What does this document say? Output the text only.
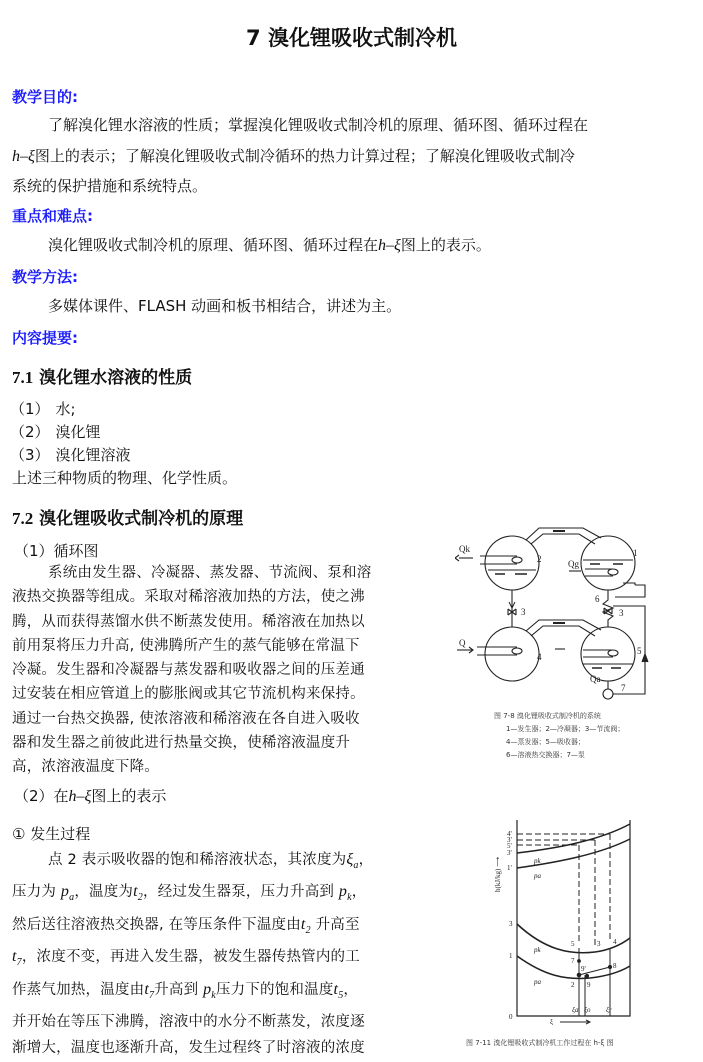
7 溴化锂吸收式制冷机
教学目的:
了解溴化锂水溶液的性质；掌握溴化锂吸收式制冷机的原理、循环图、循环过程在
h–ξ图上的表示；了解溴化锂吸收式制冷循环的热力计算过程；了解溴化锂吸收式制冷
系统的保护措施和系统特点。
重点和难点:
溴化锂吸收式制冷机的原理、循环图、循环过程在h–ξ图上的表示。
教学方法:
多媒体课件、FLASH 动画和板书相结合，讲述为主。
内容提要:
7.1 溴化锂水溶液的性质
（1） 水;
（2） 溴化锂
（3） 溴化锂溶液
上述三种物质的物理、化学性质。
7.2 溴化锂吸收式制冷机的原理
（1）循环图
系统由发生器、冷凝器、蒸发器、节流阀、泵和溶
液热交换器等组成。采取对稀溶液加热的方法，使之沸
腾，从而获得蒸馏水供不断蒸发使用。稀溶液在加热以
前用泵将压力升高, 使沸腾所产生的蒸气能够在常温下
冷凝。发生器和冷凝器与蒸发器和吸收器之间的压差通
过安装在相应管道上的膨胀阀或其它节流机构来保持。
通过一台热交换器, 使浓溶液和稀溶液在各自进入吸收
器和发生器之前彼此进行热量交换，使稀溶液温度升
高，浓溶液温度下降。
（2）在h–ξ图上的表示
① 发生过程
点 2 表示吸收器的饱和稀溶液状态，其浓度为$\xi_a$，
压力为 $p_a$，温度为$t_2$，经过发生器泵，压力升高到 $p_k$，
然后送往溶液热交换器, 在等压条件下温度由$t_2$ 升高至
$t_7$，浓度不变，再进入发生器，被发生器传热管内的工
作蒸气加热，温度由$t_7$升高到 $p_k$压力下的饱和温度$t_5$，
并开始在等压下沸腾，溶液中的水分不断蒸发，浓度逐
渐增大，温度也逐渐升高，发生过程终了时溶液的浓度
Qk
Qg
Q
Qa
1
2
3	3
4
5
6
7
图 7-8 溴化锂吸收式制冷机的系统
1—发生器；2—冷凝器；3—节流阀；
4—蒸发器；5—吸收器；
6—溶液热交换器；7—泵
h(kJ/kg) ⟶
ξ
0
4'
3'
5'
3'
1'
3
1
pk
pa
pk
pa
5	3 4
7
9'	8
2 9
ξa ξo ξr
图 7-11 溴化锂吸收式制冷机工作过程在 h-ξ 图
